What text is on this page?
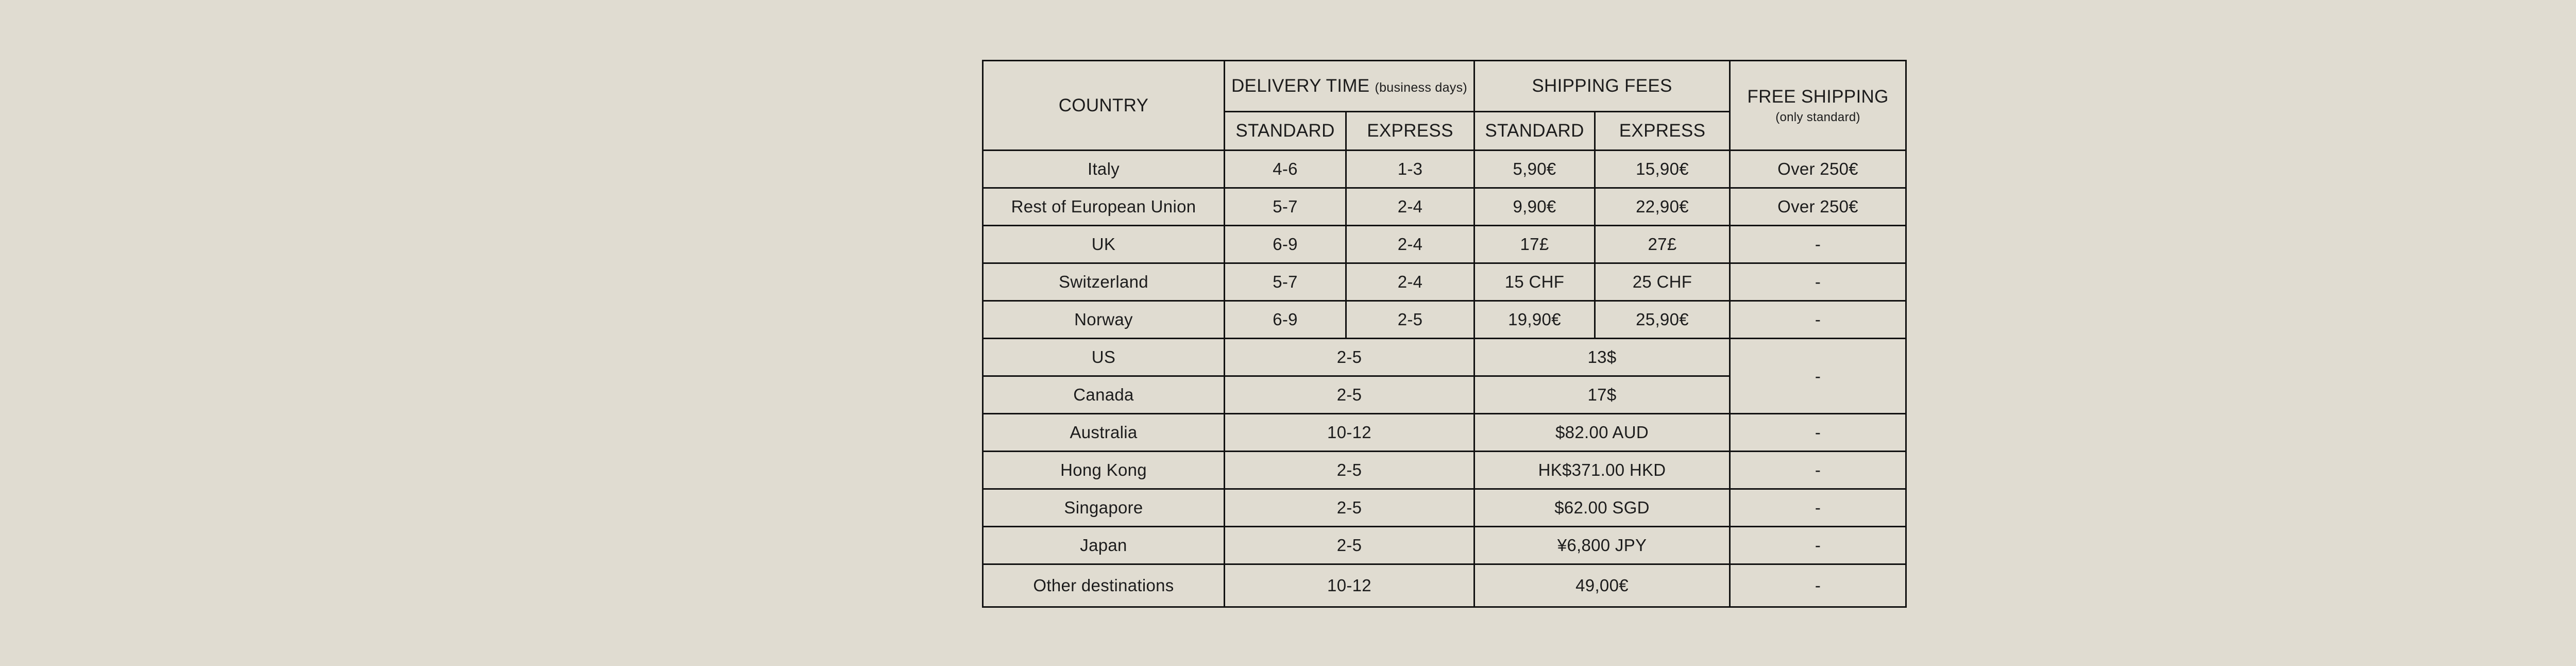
COUNTRY	DELIVERY TIME (business days)		SHIPPING FEES		FREE SHIPPING
(only standard)

	STANDARD	EXPRESS	STANDARD	EXPRESS	
Italy	4-6	1-3	5,90€	15,90€	Over 250€
Rest of European Union	5-7	2-4	9,90€	22,90€	Over 250€
UK	6-9	2-4	17£	27£	-
Switzerland	5-7	2-4	15 CHF	25 CHF	-
Norway	6-9	2-5	19,90€	25,90€	-
US	2-5		13$		-
Canada	2-5		17$		
Australia	10-12		$82.00 AUD		-
Hong Kong	2-5		HK$371.00 HKD		-
Singapore	2-5		$62.00 SGD		-
Japan	2-5		¥6,800 JPY		-
Other destinations	10-12		49,00€		-
